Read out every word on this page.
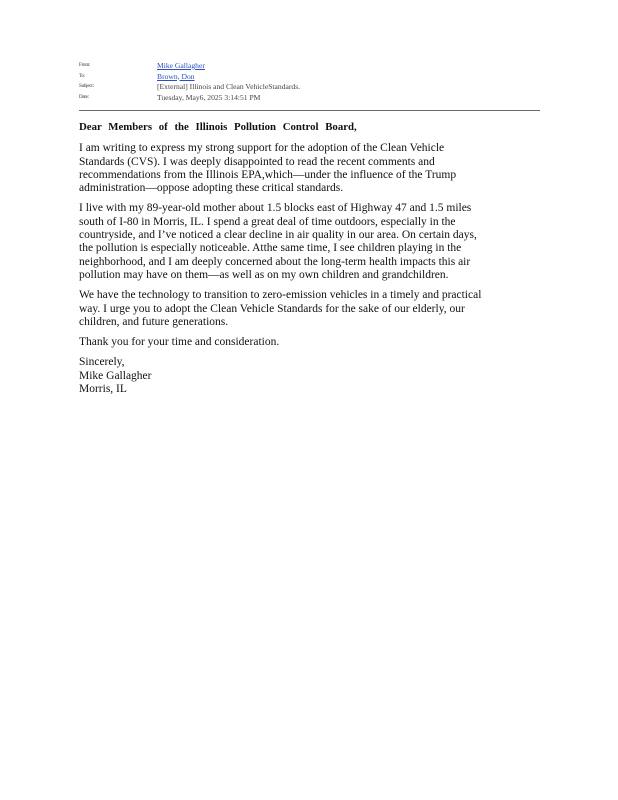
From:	Mike Gallagher
To:	Brown, Don
Subject:	[External] Illinois and Clean VehicleStandards.
Date:	Tuesday, May6, 2025 3:14:51 PM

Dear Members of the Illinois Pollution Control Board,

I am writing to express my strong support for the adoption of the Clean Vehicle
Standards (CVS). I was deeply disappointed to read the recent comments and
recommendations from the Illinois EPA,which—under the influence of the Trump
administration—oppose adopting these critical standards.

I live with my 89-year-old mother about 1.5 blocks east of Highway 47 and 1.5 miles
south of I-80 in Morris, IL. I spend a great deal of time outdoors, especially in the
countryside, and I’ve noticed a clear decline in air quality in our area. On certain days,
the pollution is especially noticeable. Atthe same time, I see children playing in the
neighborhood, and I am deeply concerned about the long-term health impacts this air
pollution may have on them—as well as on my own children and grandchildren.

We have the technology to transition to zero-emission vehicles in a timely and practical
way. I urge you to adopt the Clean Vehicle Standards for the sake of our elderly, our
children, and future generations.

Thank you for your time and consideration.

Sincerely,
Mike Gallagher
Morris, IL
